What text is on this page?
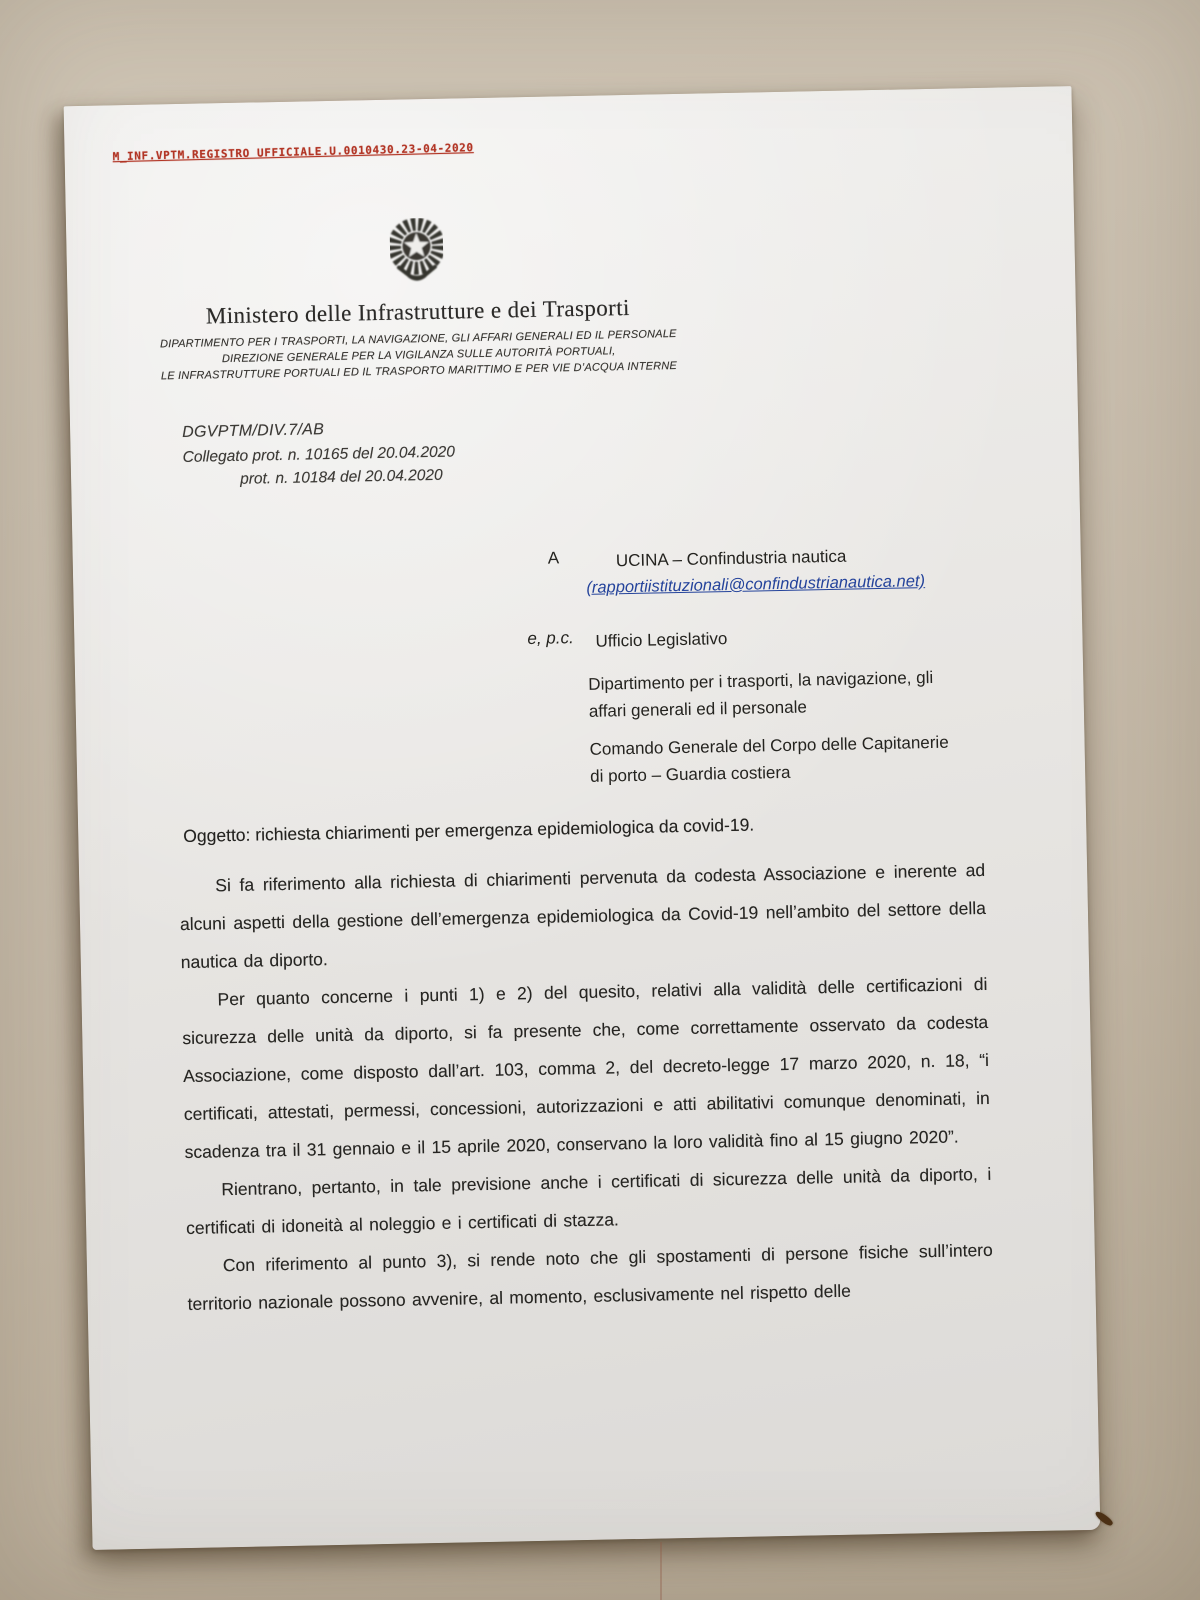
M_INF.VPTM.REGISTRO UFFICIALE.U.0010430.23-04-2020
Ministero delle Infrastrutture e dei Trasporti
DIPARTIMENTO PER I TRASPORTI, LA NAVIGAZIONE, GLI AFFARI GENERALI ED IL PERSONALE
DIREZIONE GENERALE PER LA VIGILANZA SULLE AUTORITÀ PORTUALI,
LE INFRASTRUTTURE PORTUALI ED IL TRASPORTO MARITTIMO E PER VIE D’ACQUA INTERNE
DGVPTM/DIV.7/AB
Collegato prot. n. 10165 del 20.04.2020
prot. n. 10184 del 20.04.2020
A	UCINA – Confindustria nautica
(rapportiistituzionali@confindustrianautica.net)
e, p.c.	Ufficio Legislativo
Dipartimento per i trasporti, la navigazione, gli
affari generali ed il personale
Comando Generale del Corpo delle Capitanerie
di porto – Guardia costiera
Oggetto: richiesta chiarimenti per emergenza epidemiologica da covid-19.

Si fa riferimento alla richiesta di chiarimenti pervenuta da codesta Associazione e inerente ad alcuni aspetti della gestione dell’emergenza epidemiologica da Covid-19 nell’ambito del settore della nautica da diporto.

Per quanto concerne i punti 1) e 2) del quesito, relativi alla validità delle certificazioni di sicurezza delle unità da diporto, si fa presente che, come correttamente osservato da codesta Associazione, come disposto dall’art. 103, comma 2, del decreto-legge 17 marzo 2020, n. 18, “i certificati, attestati, permessi, concessioni, autorizzazioni e atti abilitativi comunque denominati, in scadenza tra il 31 gennaio e il 15 aprile 2020, conservano la loro validità fino al 15 giugno 2020”.

Rientrano, pertanto, in tale previsione anche i certificati di sicurezza delle unità da diporto, i certificati di idoneità al noleggio e i certificati di stazza.

Con riferimento al punto 3), si rende noto che gli spostamenti di persone fisiche sull’intero territorio nazionale possono avvenire, al momento, esclusivamente nel rispetto delle
